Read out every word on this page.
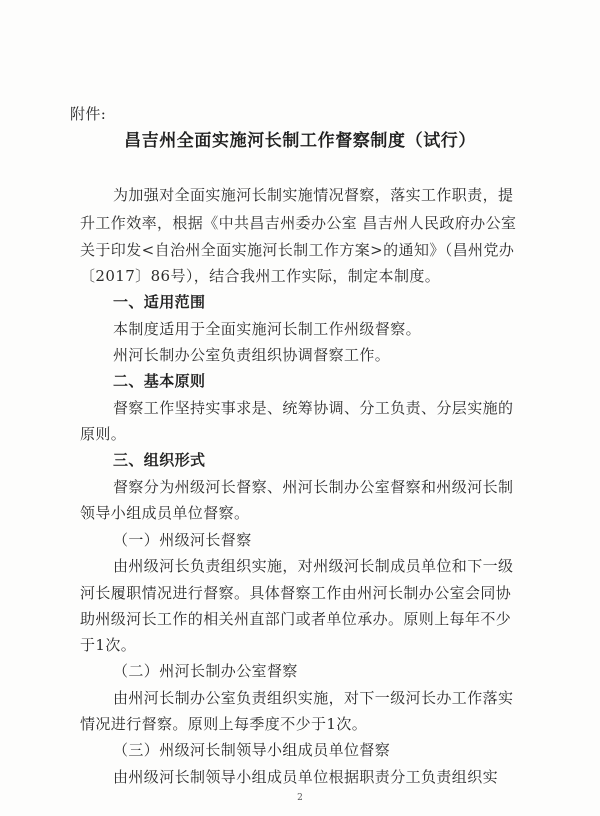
附件:
昌吉州全面实施河长制工作督察制度（试行）
为加强对全面实施河长制实施情况督察，落实工作职责，提
升工作效率，根据《中共昌吉州委办公室 昌吉州人民政府办公室
关于印发<自治州全面实施河长制工作方案>的通知》（昌州党办
〔2017〕86号），结合我州工作实际，制定本制度。
一、适用范围
本制度适用于全面实施河长制工作州级督察。
州河长制办公室负责组织协调督察工作。
二、基本原则
督察工作坚持实事求是、统筹协调、分工负责、分层实施的
原则。
三、组织形式
督察分为州级河长督察、州河长制办公室督察和州级河长制
领导小组成员单位督察。
（一）州级河长督察
由州级河长负责组织实施，对州级河长制成员单位和下一级
河长履职情况进行督察。具体督察工作由州河长制办公室会同协
助州级河长工作的相关州直部门或者单位承办。原则上每年不少
于1次。
（二）州河长制办公室督察
由州河长制办公室负责组织实施，对下一级河长办工作落实
情况进行督察。原则上每季度不少于1次。
（三）州级河长制领导小组成员单位督察
由州级河长制领导小组成员单位根据职责分工负责组织实
2
